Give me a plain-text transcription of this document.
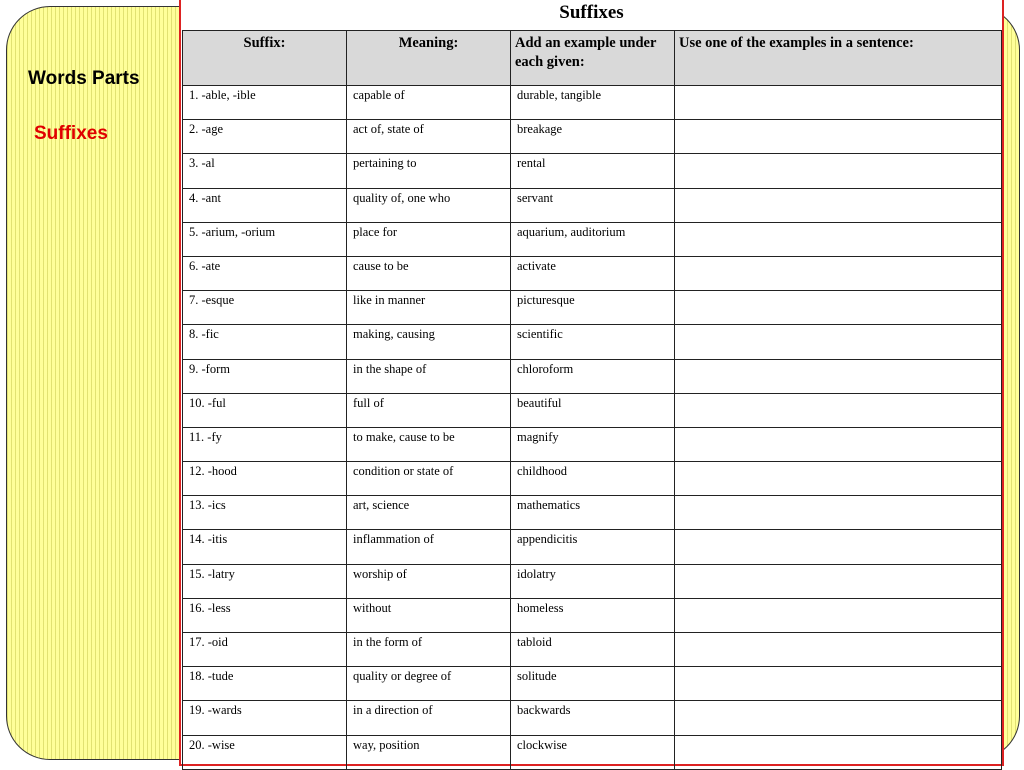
Words Parts
Suffixes
Suffixes
Suffix:	Meaning:	Add an example under each given:	Use one of the examples in a sentence:

1. -able, -ible	capable of	durable, tangible	

2. -age	act of, state of	breakage	

3. -al	pertaining to	rental	

4. -ant	quality of, one who	servant	

5. -arium, -orium	place for	aquarium, auditorium	

6. -ate	cause to be	activate	

7. -esque	like in manner	picturesque	

8. -fic	making, causing	scientific	

9. -form	in the shape of	chloroform	

10. -ful	full of	beautiful	

11. -fy	to make, cause to be	magnify	

12. -hood	condition or state of	childhood	

13. -ics	art, science	mathematics	

14. -itis	inflammation of	appendicitis	

15. -latry	worship of	idolatry	

16. -less	without	homeless	

17. -oid	in the form of	tabloid	

18. -tude	quality or degree of	solitude	

19. -wards	in a direction of	backwards	

20. -wise	way, position	clockwise	
